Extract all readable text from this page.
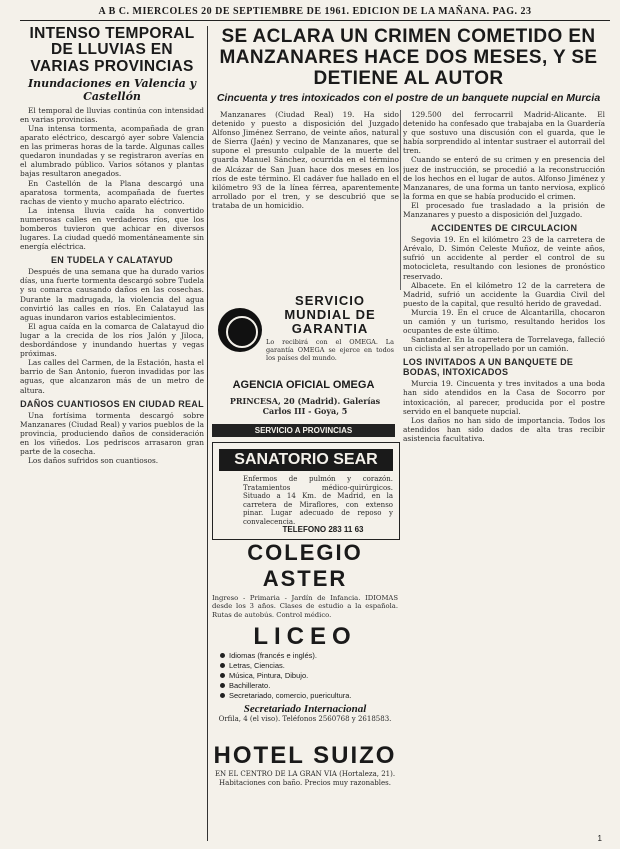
A B C. MIERCOLES 20 DE SEPTIEMBRE DE 1961. EDICION DE LA MAÑANA. PAG. 23
INTENSO TEMPORAL DE LLUVIAS EN VARIAS PROVINCIAS
Inundaciones en Valencia y Castellón

El temporal de lluvias continúa con intensidad en varias provincias.

Una intensa tormenta, acompañada de gran aparato eléctrico, descargó ayer sobre Valencia en las primeras horas de la tarde. Algunas calles quedaron inundadas y se registraron averías en el alumbrado público. Varios sótanos y plantas bajas resultaron anegados.

En Castellón de la Plana descargó una aparatosa tormenta, acompañada de fuertes rachas de viento y mucho aparato eléctrico.

La intensa lluvia caída ha convertido numerosas calles en verdaderos ríos, que los bomberos tuvieron que achicar en diversos lugares. La ciudad quedó momentáneamente sin energía eléctrica.

EN TUDELA Y CALATAYUD

Después de una semana que ha durado varios días, una fuerte tormenta descargó sobre Tudela y su comarca causando daños en las cosechas. Durante la madrugada, la violencia del agua convirtió las calles en ríos. En Calatayud las aguas inundaron varios establecimientos.

El agua caída en la comarca de Calatayud dio lugar a la crecida de los ríos Jalón y Jiloca, desbordándose y inundando huertas y vegas próximas.

Las calles del Carmen, de la Estación, hasta el barrio de San Antonio, fueron invadidas por las aguas, que alcanzaron más de un metro de altura.

DAÑOS CUANTIOSOS EN CIUDAD REAL

Una fortísima tormenta descargó sobre Manzanares (Ciudad Real) y varios pueblos de la provincia, produciendo daños de consideración en los viñedos. Los pedriscos arrasaron gran parte de la cosecha.

Los daños sufridos son cuantiosos.

SE ACLARA UN CRIMEN COMETIDO EN MANZANARES HACE DOS MESES, Y SE DETIENE AL AUTOR
Cincuenta y tres intoxicados con el postre de un banquete nupcial en Murcia

Manzanares (Ciudad Real) 19. Ha sido detenido y puesto a disposición del Juzgado Alfonso Jiménez Serrano, de veinte años, natural de Sierra (Jaén) y vecino de Manzanares, que se supone el presunto culpable de la muerte del guarda Manuel Sánchez, ocurrida en el término de Alcázar de San Juan hace dos meses en los ríos de este término. El cadáver fue hallado en el kilómetro 93 de la línea férrea, aparentemente arrollado por el tren, y se descubrió que se trataba de un homicidio.

SERVICIO MUNDIAL DE GARANTIA
Lo recibirá con el OMEGA. La garantía OMEGA se ejerce en todos los países del mundo.
AGENCIA OFICIAL OMEGA
PRINCESA, 20 (Madrid). Galerías Carlos III - Goya, 5
SERVICIO A PROVINCIAS
SANATORIO SEAR
Enfermos de pulmón y corazón. Tratamientos médico-quirúrgicos. Situado a 14 Km. de Madrid, en la carretera de Miraflores, con extenso pinar. Lugar adecuado de reposo y convalecencia.
TELEFONO 283 11 63
COLEGIO ASTER
Ingreso - Primaria - Jardín de Infancia. IDIOMAS desde los 3 años. Clases de estudio a la española. Rutas de autobús. Control médico.
LICEO
Idiomas (francés e inglés).
Letras, Ciencias.
Música, Pintura, Dibujo.
Bachillerato.
Secretariado, comercio, puericultura.
Secretariado Internacional
Orfila, 4 (el viso). Teléfonos 2560768 y 2618583.
HOTEL SUIZO
EN EL CENTRO DE LA GRAN VIA (Hortaleza, 21). Habitaciones con baño. Precios muy razonables.

129.500 del ferrocarril Madrid-Alicante. El detenido ha confesado que trabajaba en la Guardería y que sostuvo una discusión con el guarda, que le había sorprendido al intentar sustraer el autorrail del tren.

Cuando se enteró de su crimen y en presencia del juez de instrucción, se procedió a la reconstrucción de los hechos en el lugar de autos. Alfonso Jiménez y Manzanares, de una forma un tanto nerviosa, explicó la forma en que se había producido el crimen.

El procesado fue trasladado a la prisión de Manzanares y puesto a disposición del Juzgado.

ACCIDENTES DE CIRCULACION

Segovia 19. En el kilómetro 23 de la carretera de Arévalo, D. Simón Celeste Muñoz, de veinte años, sufrió un accidente al perder el control de su motocicleta, resultando con lesiones de pronóstico reservado.

Albacete. En el kilómetro 12 de la carretera de Madrid, sufrió un accidente la Guardia Civil del puesto de la capital, que resultó herido de gravedad.

Murcia 19. En el cruce de Alcantarilla, chocaron un camión y un turismo, resultando heridos los ocupantes de este último.

Santander. En la carretera de Torrelavega, falleció un ciclista al ser atropellado por un camión.

LOS INVITADOS A UN BANQUETE DE BODAS, INTOXICADOS

Murcia 19. Cincuenta y tres invitados a una boda han sido atendidos en la Casa de Socorro por intoxicación, al parecer, producida por el postre servido en el banquete nupcial.

Los daños no han sido de importancia. Todos los atendidos han sido dados de alta tras recibir asistencia facultativa.

1
